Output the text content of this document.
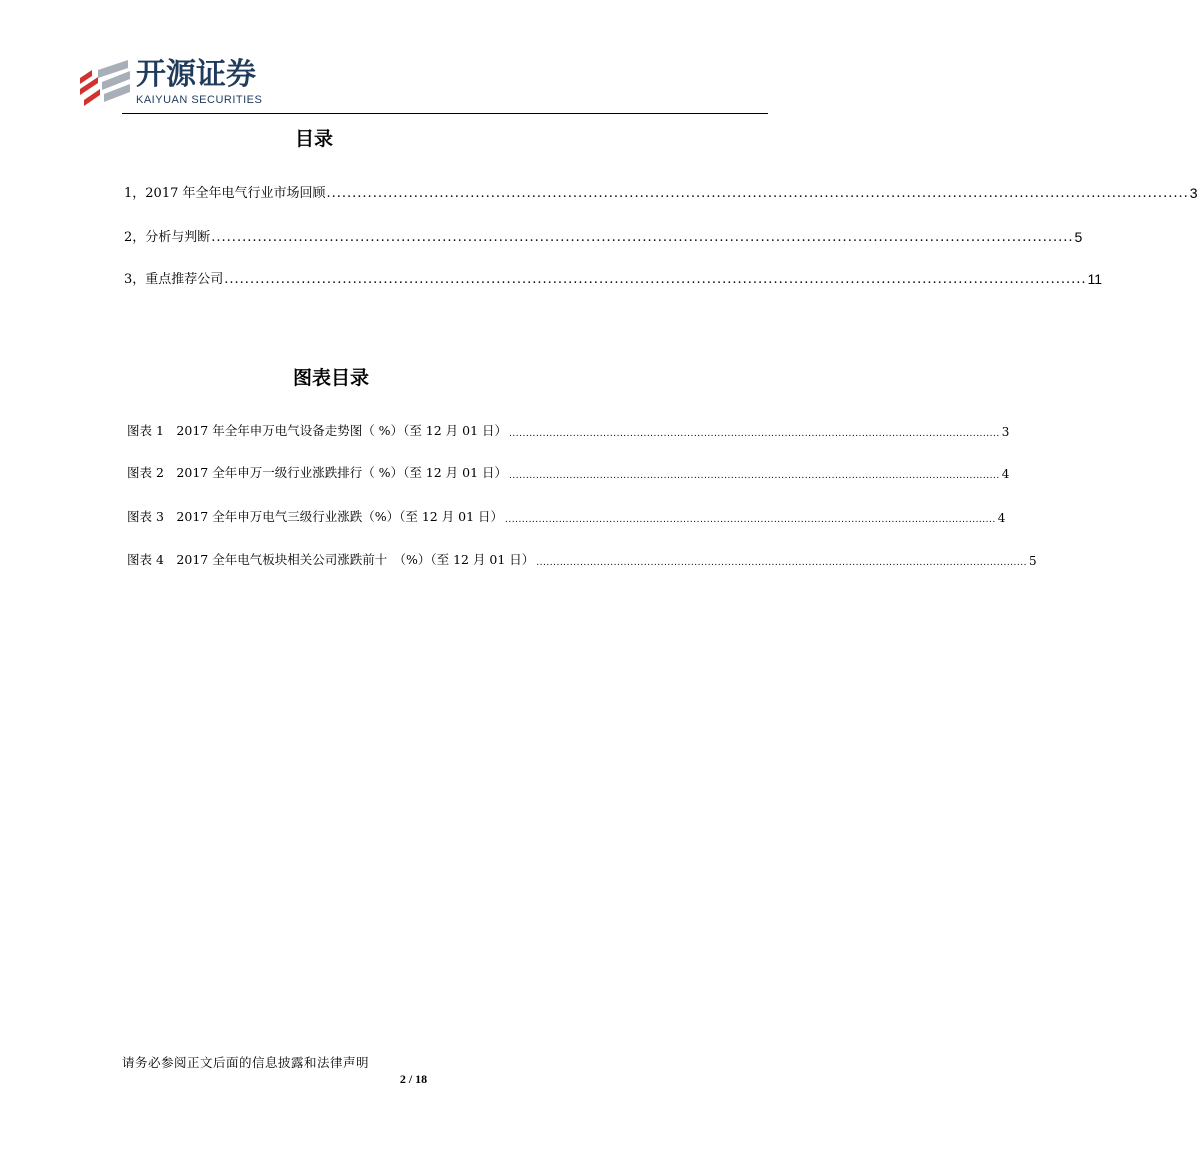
开源证券
KAIYUAN SECURITIES
目录
1，2017 年全年电气行业市场回顾 ........................................................................................................................................................................ 3
2，分析与判断 ........................................................................................................................................................................ 5
3，重点推荐公司 ........................................................................................................................................................................ 11
图表目录
图表 1　2017 年全年申万电气设备走势图（ %）（至 12 月 01 日） .................................................................................................................................................. 3
图表 2　2017 全年申万一级行业涨跌排行（ %）（至 12 月 01 日） .................................................................................................................................................. 4
图表 3　2017 全年申万电气三级行业涨跌（%）（至 12 月 01 日） .................................................................................................................................................. 4
图表 4　2017 全年电气板块相关公司涨跌前十　（%）（至 12 月 01 日） .................................................................................................................................................. 5
请务必参阅正文后面的信息披露和法律声明
2 / 18
